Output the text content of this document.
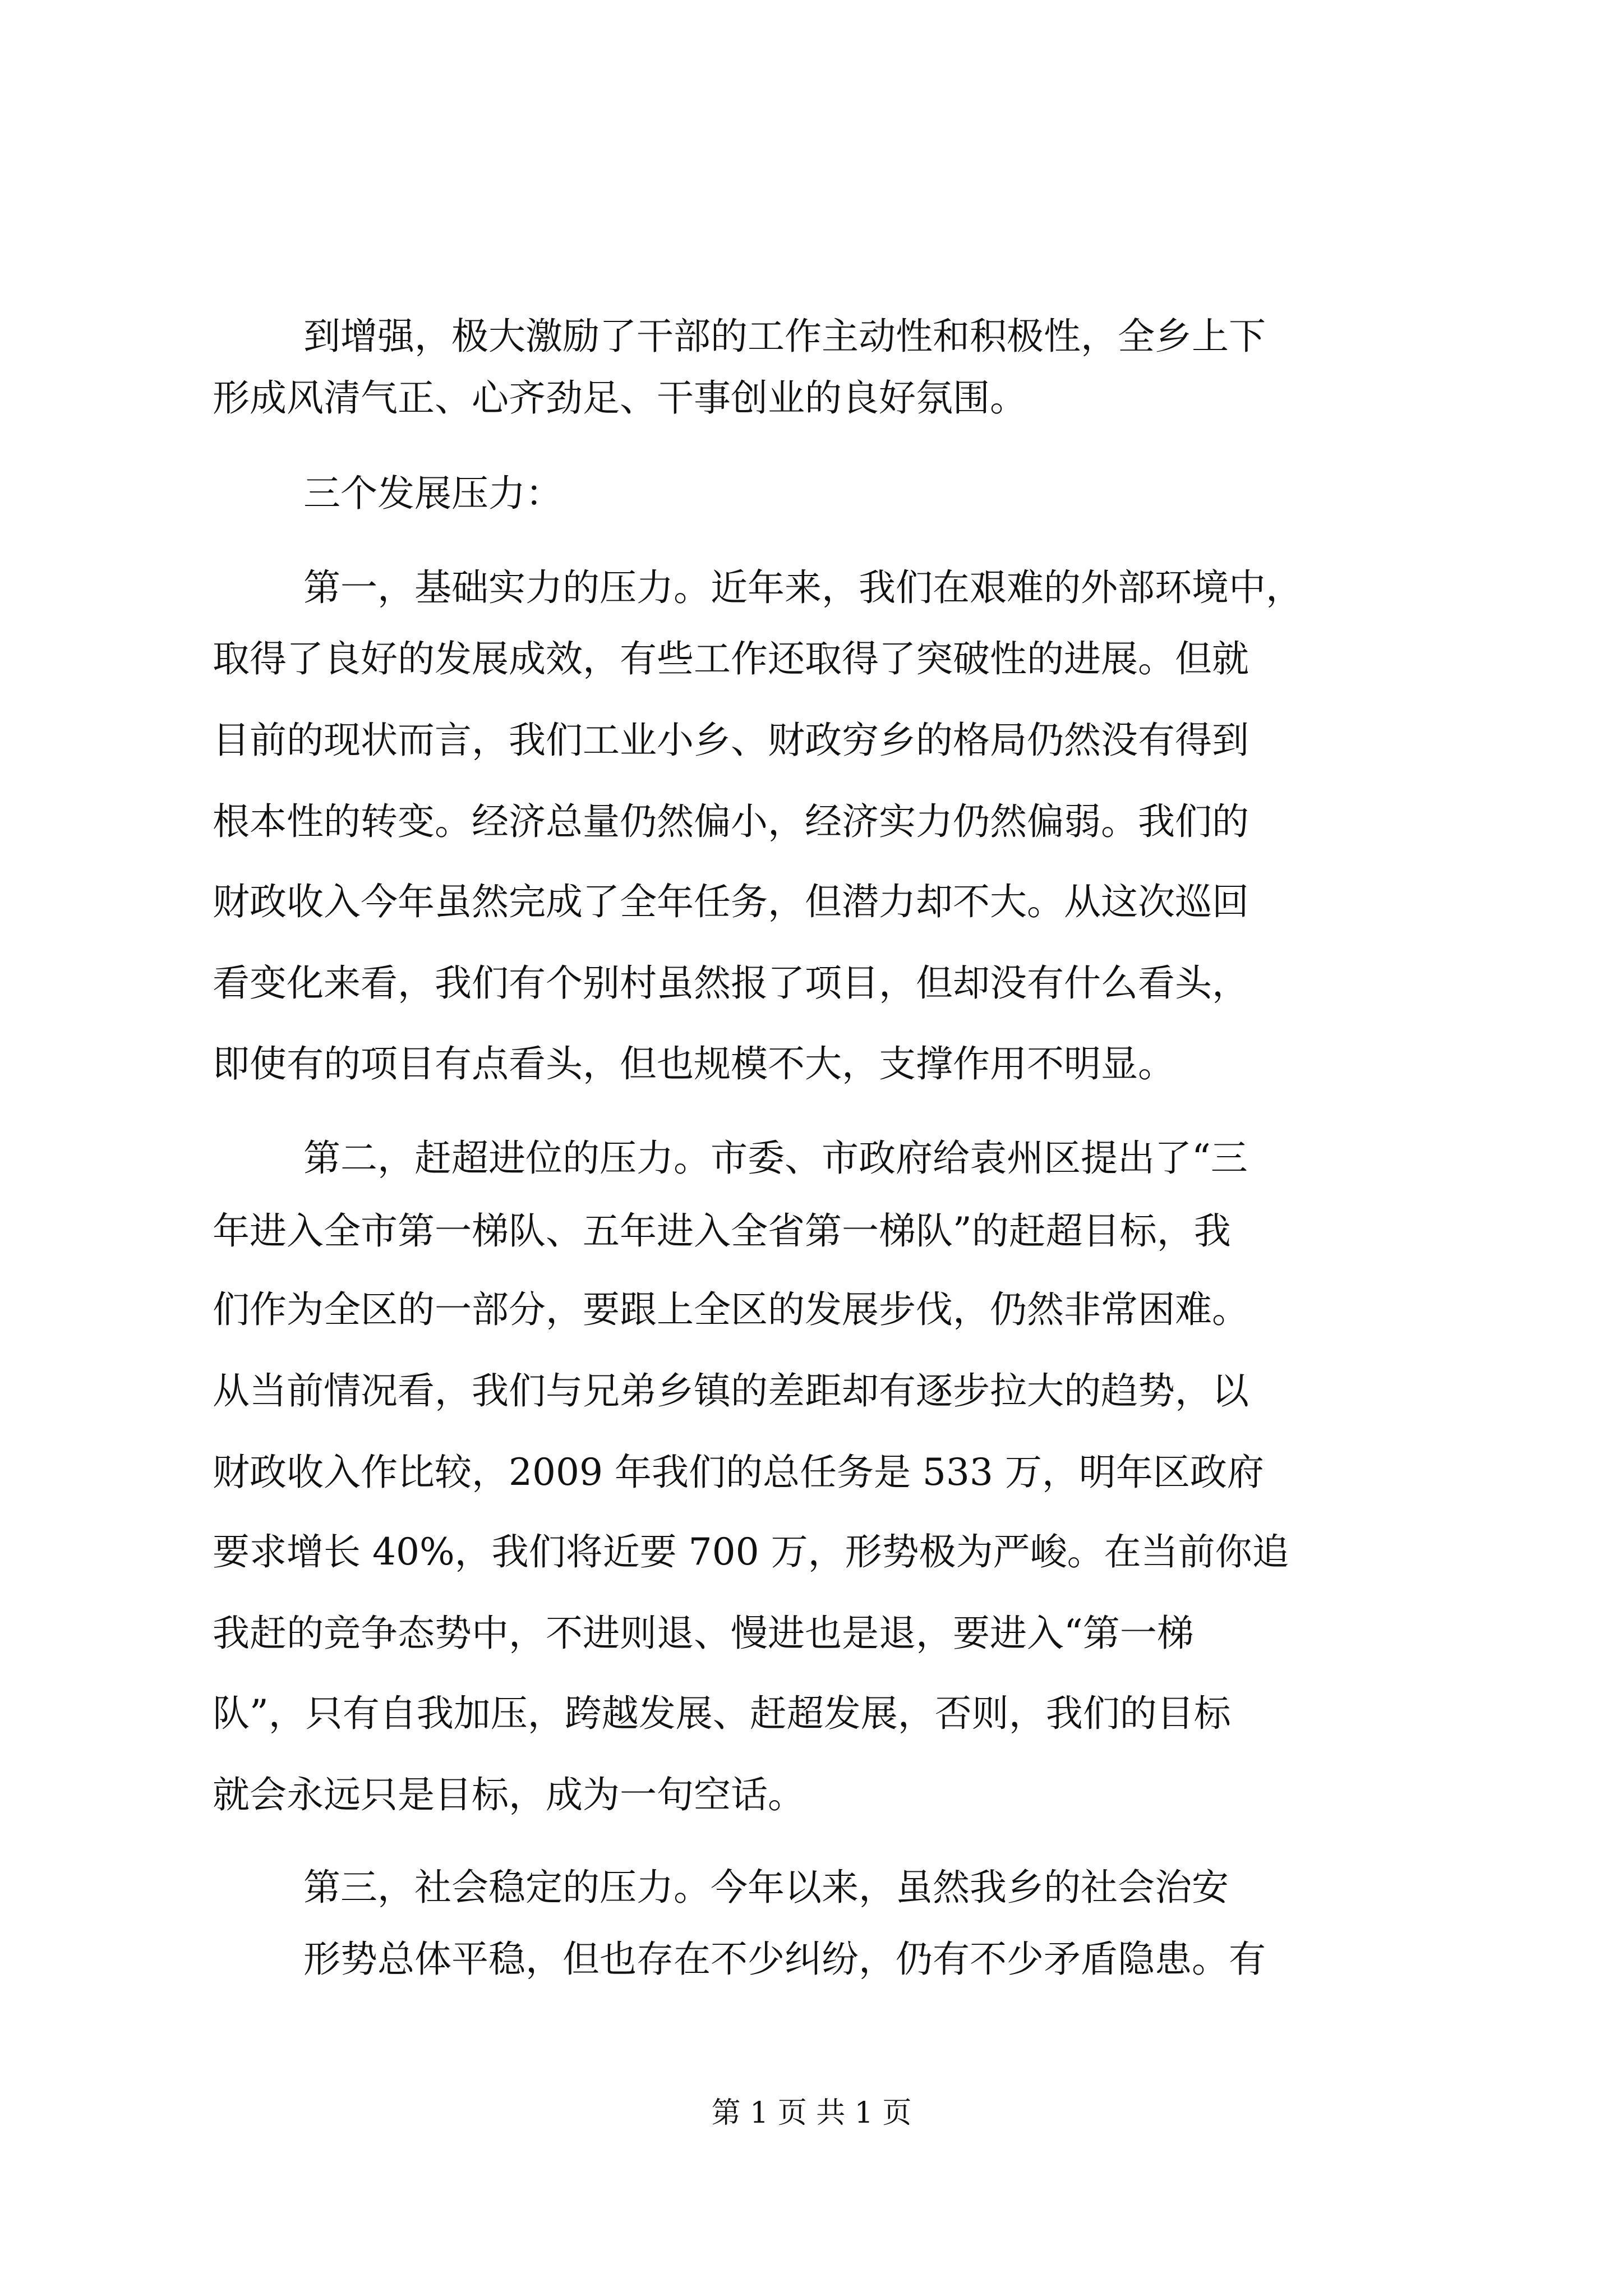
到增强，极大激励了干部的工作主动性和积极性，全乡上下
形成风清气正、心齐劲足、干事创业的良好氛围。
三个发展压力：
第一，基础实力的压力。近年来，我们在艰难的外部环境中，
取得了良好的发展成效，有些工作还取得了突破性的进展。但就
目前的现状而言，我们工业小乡、财政穷乡的格局仍然没有得到
根本性的转变。经济总量仍然偏小，经济实力仍然偏弱。我们的
财政收入今年虽然完成了全年任务，但潜力却不大。从这次巡回
看变化来看，我们有个别村虽然报了项目，但却没有什么看头，
即使有的项目有点看头，但也规模不大，支撑作用不明显。
第二，赶超进位的压力。市委、市政府给袁州区提出了“三
年进入全市第一梯队、五年进入全省第一梯队”的赶超目标，我
们作为全区的一部分，要跟上全区的发展步伐，仍然非常困难。
从当前情况看，我们与兄弟乡镇的差距却有逐步拉大的趋势，以
财政收入作比较，2009 年我们的总任务是 533 万，明年区政府
要求增长 40%，我们将近要 700 万，形势极为严峻。在当前你追
我赶的竞争态势中，不进则退、慢进也是退，要进入“第一梯
队”，只有自我加压，跨越发展、赶超发展，否则，我们的目标
就会永远只是目标，成为一句空话。
第三，社会稳定的压力。今年以来，虽然我乡的社会治安
形势总体平稳，但也存在不少纠纷，仍有不少矛盾隐患。有
第 1 页 共 1 页
